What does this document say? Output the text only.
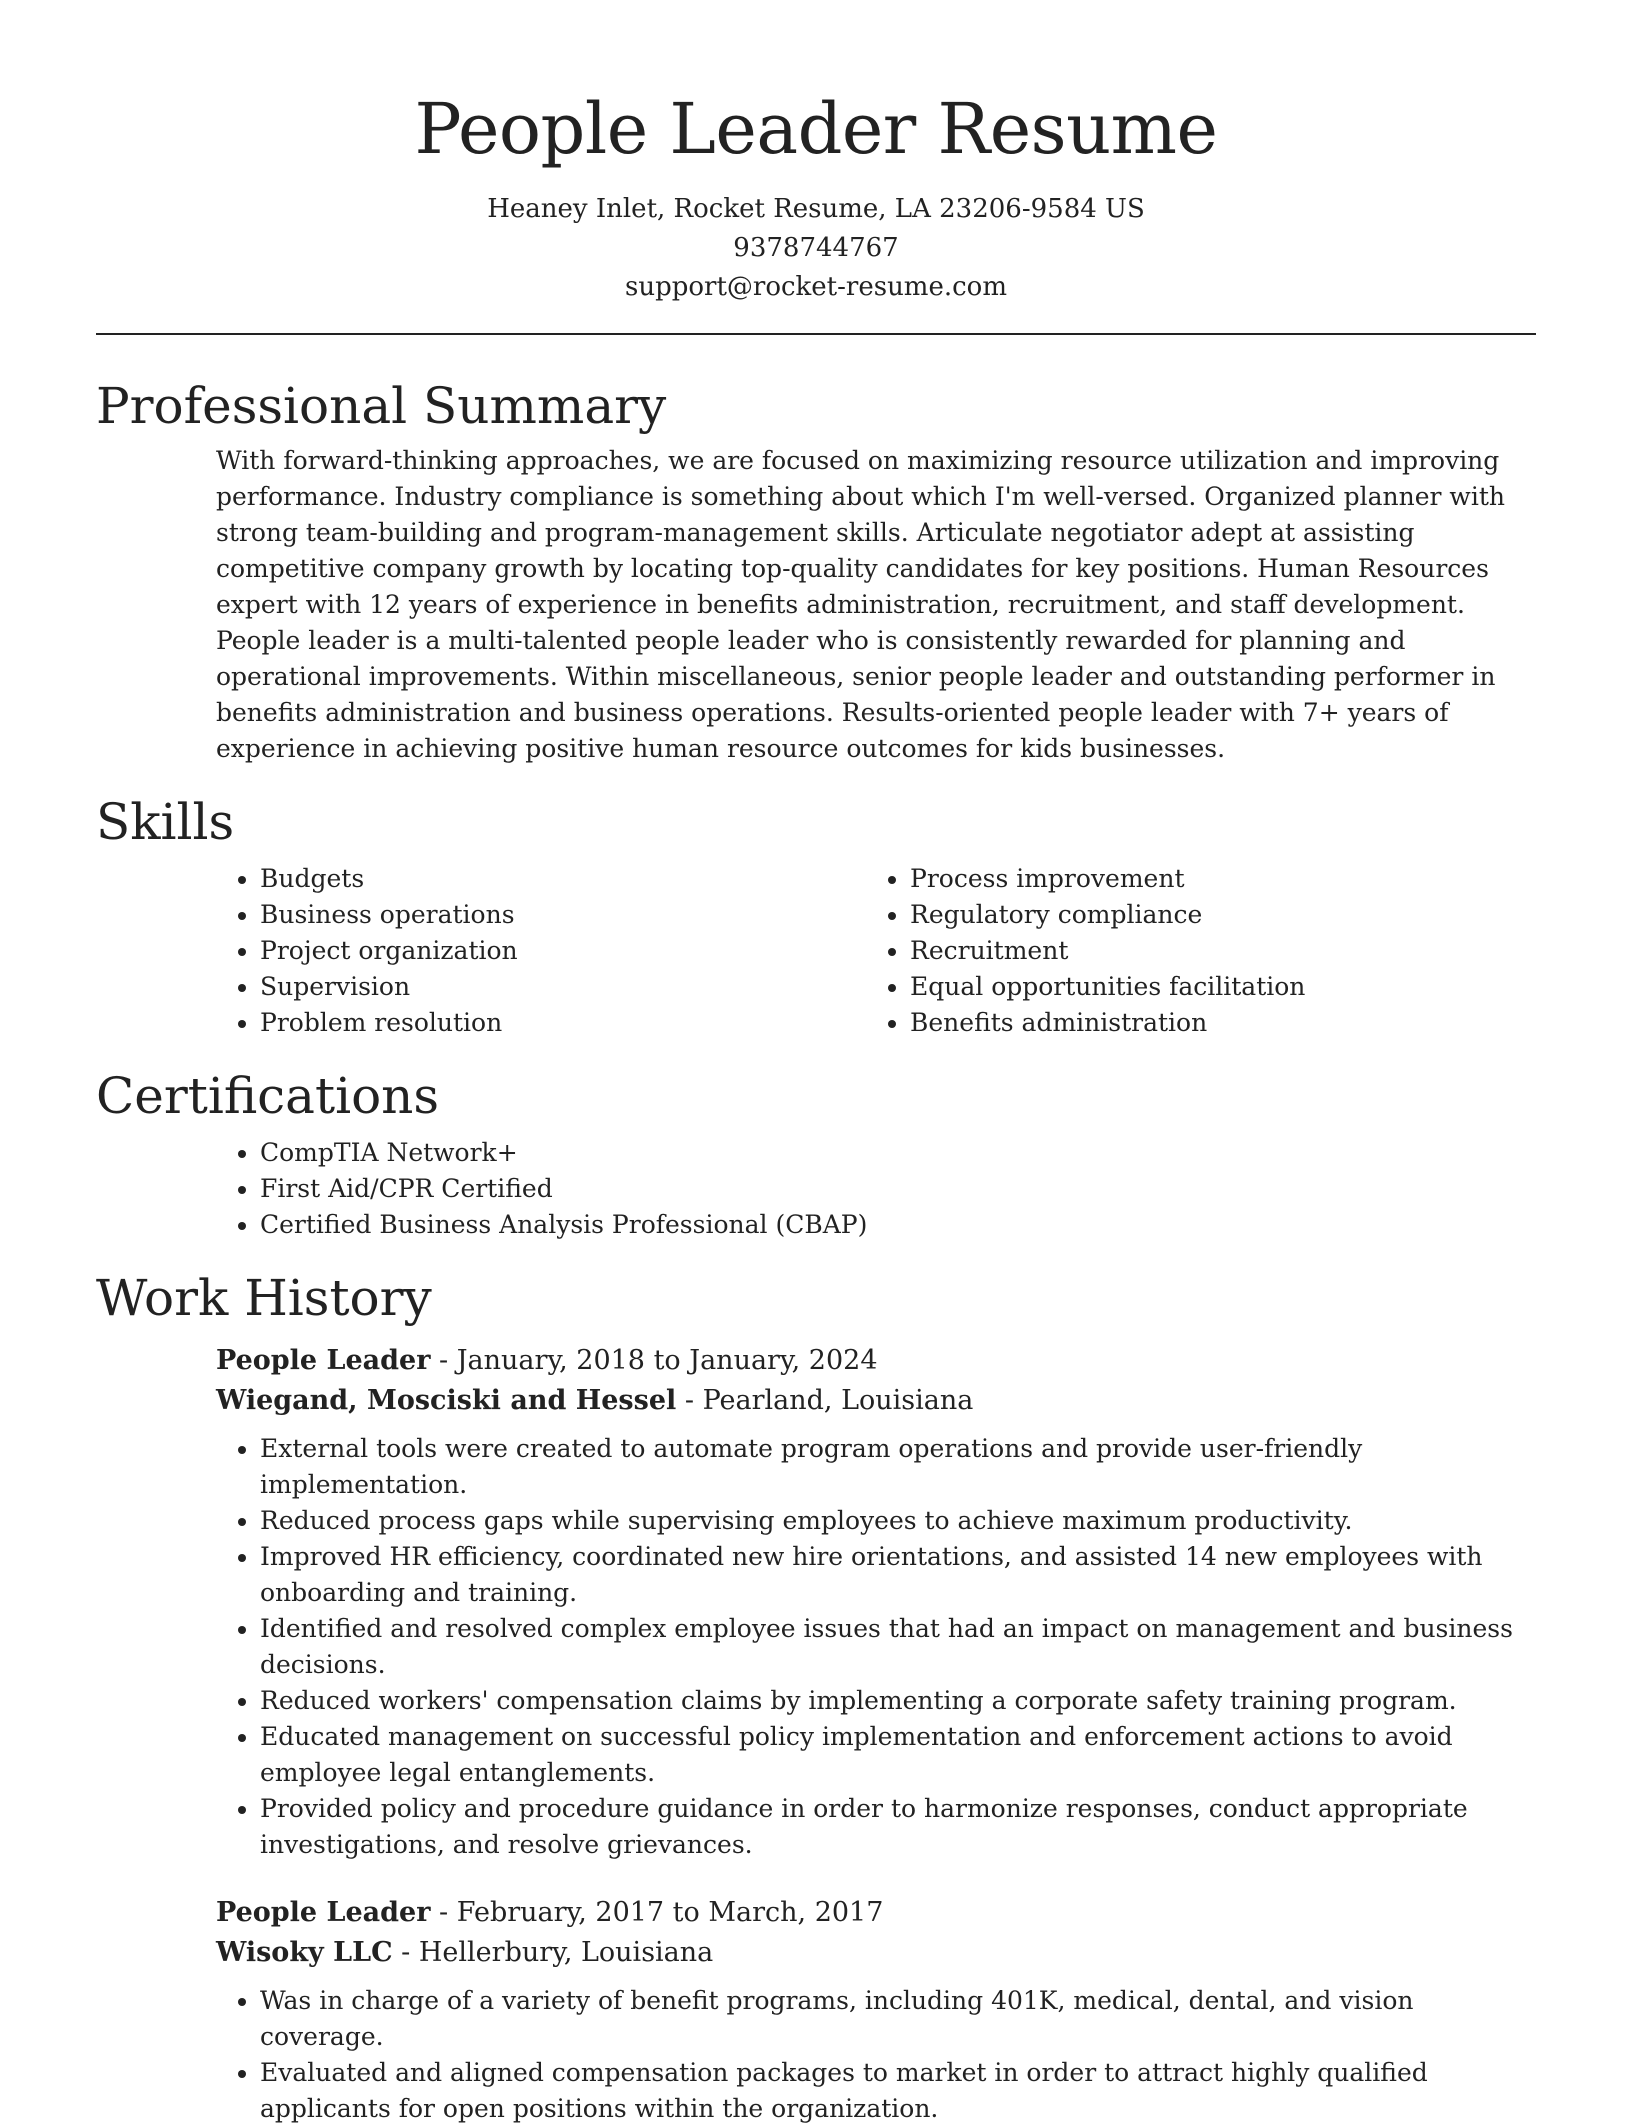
People Leader Resume
Heaney Inlet, Rocket Resume, LA 23206-9584 US
9378744767
support@rocket-resume.com
Professional Summary

With forward-thinking approaches, we are focused on maximizing resource utilization and improving performance. Industry compliance is something about which I'm well-versed. Organized planner with strong team-building and program-management skills. Articulate negotiator adept at assisting competitive company growth by locating top-quality candidates for key positions. Human Resources expert with 12 years of experience in benefits administration, recruitment, and staff development. People leader is a multi-talented people leader who is consistently rewarded for planning and operational improvements. Within miscellaneous, senior people leader and outstanding performer in benefits administration and business operations. Results-oriented people leader with 7+ years of experience in achieving positive human resource outcomes for kids businesses.

Skills
• Budgets
• Business operations
• Project organization
• Supervision
• Problem resolution
• Process improvement
• Regulatory compliance
• Recruitment
• Equal opportunities facilitation
• Benefits administration
Certifications
• CompTIA Network+
• First Aid/CPR Certified
• Certified Business Analysis Professional (CBAP)
Work History
People Leader - January, 2018 to January, 2024
Wiegand, Mosciski and Hessel - Pearland, Louisiana
• External tools were created to automate program operations and provide user-friendly implementation.
• Reduced process gaps while supervising employees to achieve maximum productivity.
• Improved HR efficiency, coordinated new hire orientations, and assisted 14 new employees with onboarding and training.
• Identified and resolved complex employee issues that had an impact on management and business decisions.
• Reduced workers' compensation claims by implementing a corporate safety training program.
• Educated management on successful policy implementation and enforcement actions to avoid employee legal entanglements.
• Provided policy and procedure guidance in order to harmonize responses, conduct appropriate investigations, and resolve grievances.
People Leader - February, 2017 to March, 2017
Wisoky LLC - Hellerbury, Louisiana
• Was in charge of a variety of benefit programs, including 401K, medical, dental, and vision coverage.
• Evaluated and aligned compensation packages to market in order to attract highly qualified applicants for open positions within the organization.
